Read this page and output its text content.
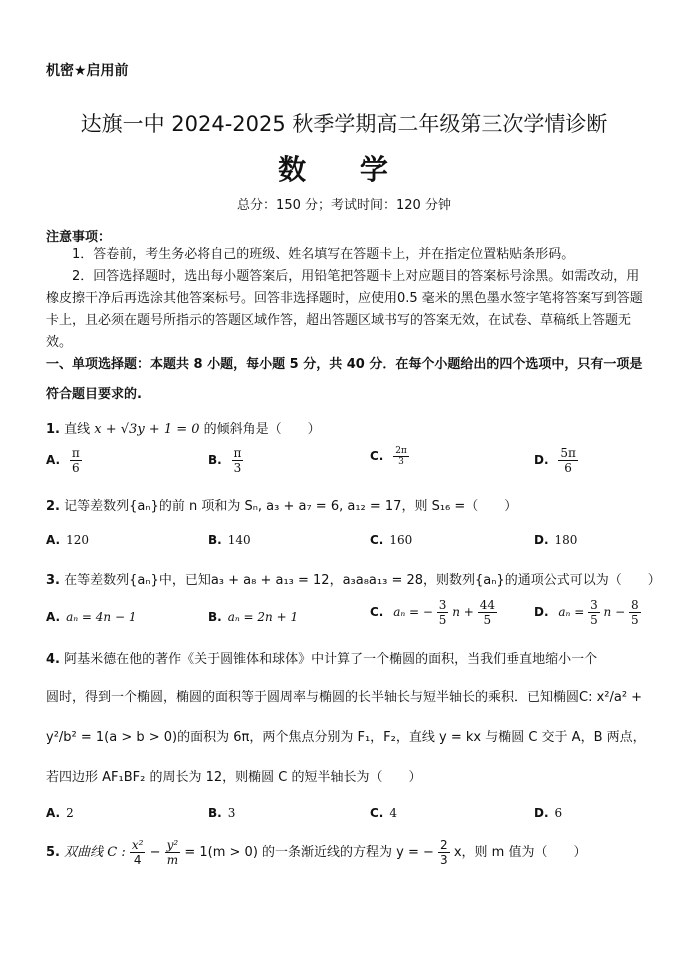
机密★启用前
达旗一中 2024-2025 秋季学期高二年级第三次学情诊断
数 学
总分：150 分；考试时间：120 分钟
注意事项：
1．答卷前，考生务必将自己的班级、姓名填写在答题卡上，并在指定位置粘贴条形码。
2．回答选择题时，选出每小题答案后，用铅笔把答题卡上对应题目的答案标号涂黑。如需改动，用橡皮擦干净后再选涂其他答案标号。回答非选择题时，应使用0.5 毫米的黑色墨水签字笔将答案写到答题卡上，且必须在题号所指示的答题区域作答，超出答题区域书写的答案无效，在试卷、草稿纸上答题无效。
一、单项选择题：本题共 8 小题，每小题 5 分，共 40 分．在每个小题给出的四个选项中，只有一项是符合题目要求的.
1. 直线 x + √3y + 1 = 0 的倾斜角是（　　）
A. $\frac{\pi}{6}$	B. $\frac{\pi}{3}$	C. $\frac{2\pi}{3}$	D. $\frac{5\pi}{6}$
2. 记等差数列{aₙ}的前 n 项和为 Sₙ, a₃ + a₇ = 6, a₁₂ = 17，则 S₁₆ =（　　）
A. 120	B. 140	C. 160	D. 180
3. 在等差数列{aₙ}中，已知a₃ + a₈ + a₁₃ = 12，a₃a₈a₁₃ = 28，则数列{aₙ}的通项公式可以为（　　）
A. aₙ = 4n − 1	B. aₙ = 2n + 1	C. aₙ = − $\frac{3}{5}$ $n + \frac{44}{5}$	D. $a_n = \frac{3}{5}$ $n - \frac{8}{5}$
4. 阿基米德在他的著作《关于圆锥体和球体》中计算了一个椭圆的面积，当我们垂直地缩小一个
圆时，得到一个椭圆，椭圆的面积等于圆周率与椭圆的长半轴长与短半轴长的乘积．已知椭圆C: x²/a² +
y²/b² = 1(a > b > 0)的面积为 6π，两个焦点分别为 F₁，F₂，直线 y = kx 与椭圆 C 交于 A，B 两点，
若四边形 AF₁BF₂ 的周长为 12，则椭圆 C 的短半轴长为（　　）
A. 2	B. 3	C. 4	D. 6
5. 双曲线 C : $\frac{\text{x²}}{4} - \frac{\text{y²}}{m} = 1(m > 0)$ 的一条渐近线的方程为 y = − $\frac{2}{3}$ x，则 m 值为（　　）
